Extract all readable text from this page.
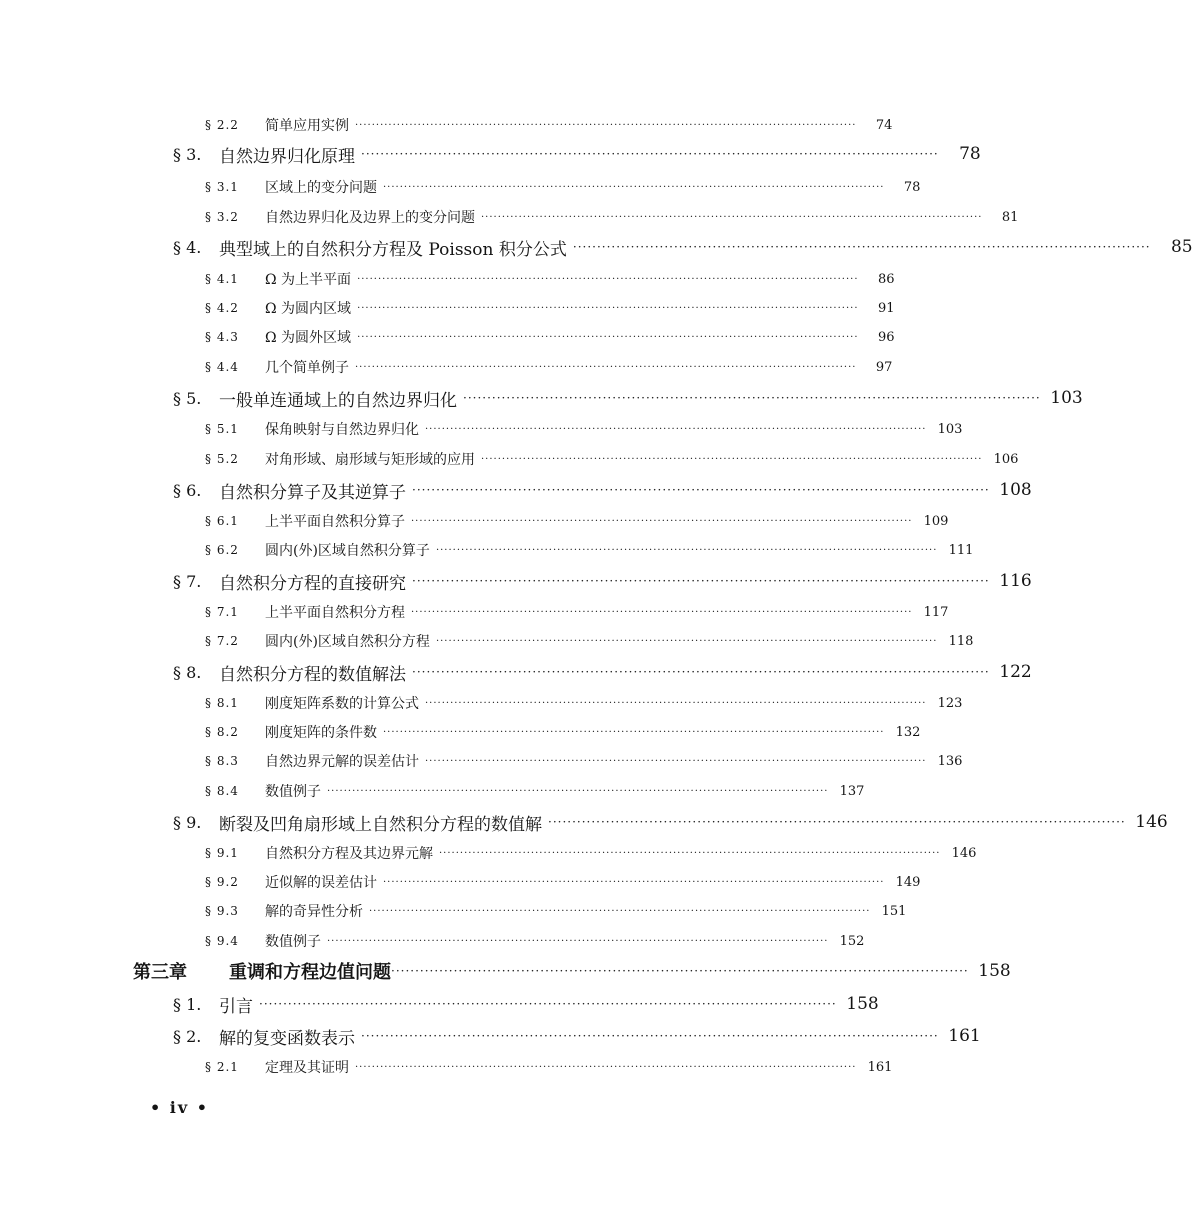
§ 2.2	简单应用实例 ························································································································	74
§ 3.	自然边界归化原理 ························································································································	78
§ 3.1	区域上的变分问题 ························································································································	78
§ 3.2	自然边界归化及边界上的变分问题 ························································································································	81
§ 4.	典型域上的自然积分方程及 Poisson 积分公式 ························································································································	85
§ 4.1	Ω 为上半平面 ························································································································	86
§ 4.2	Ω 为圆内区域 ························································································································	91
§ 4.3	Ω 为圆外区域 ························································································································	96
§ 4.4	几个简单例子 ························································································································	97
§ 5.	一般单连通域上的自然边界归化 ························································································································ 103
§ 5.1	保角映射与自然边界归化 ························································································································ 103
§ 5.2	对角形域、扇形域与矩形域的应用 ························································································································ 106
§ 6.	自然积分算子及其逆算子 ························································································································ 108
§ 6.1	上半平面自然积分算子 ························································································································ 109
§ 6.2	圆内(外)区域自然积分算子 ························································································································ 111
§ 7.	自然积分方程的直接研究 ························································································································ 116
§ 7.1	上半平面自然积分方程 ························································································································ 117
§ 7.2	圆内(外)区域自然积分方程 ························································································································ 118
§ 8.	自然积分方程的数值解法 ························································································································ 122
§ 8.1	刚度矩阵系数的计算公式 ························································································································ 123
§ 8.2	刚度矩阵的条件数 ························································································································ 132
§ 8.3	自然边界元解的误差估计 ························································································································ 136
§ 8.4	数值例子 ························································································································ 137
§ 9.	断裂及凹角扇形域上自然积分方程的数值解 ························································································································ 146
§ 9.1	自然积分方程及其边界元解 ························································································································ 146
§ 9.2	近似解的误差估计 ························································································································ 149
§ 9.3	解的奇异性分析 ························································································································ 151
§ 9.4	数值例子 ························································································································ 152
第三章	重调和方程边值问题 ························································································································ 158
§ 1.	引言 ························································································································ 158
§ 2.	解的复变函数表示 ························································································································ 161
§ 2.1	定理及其证明 ························································································································ 161
• iv •
